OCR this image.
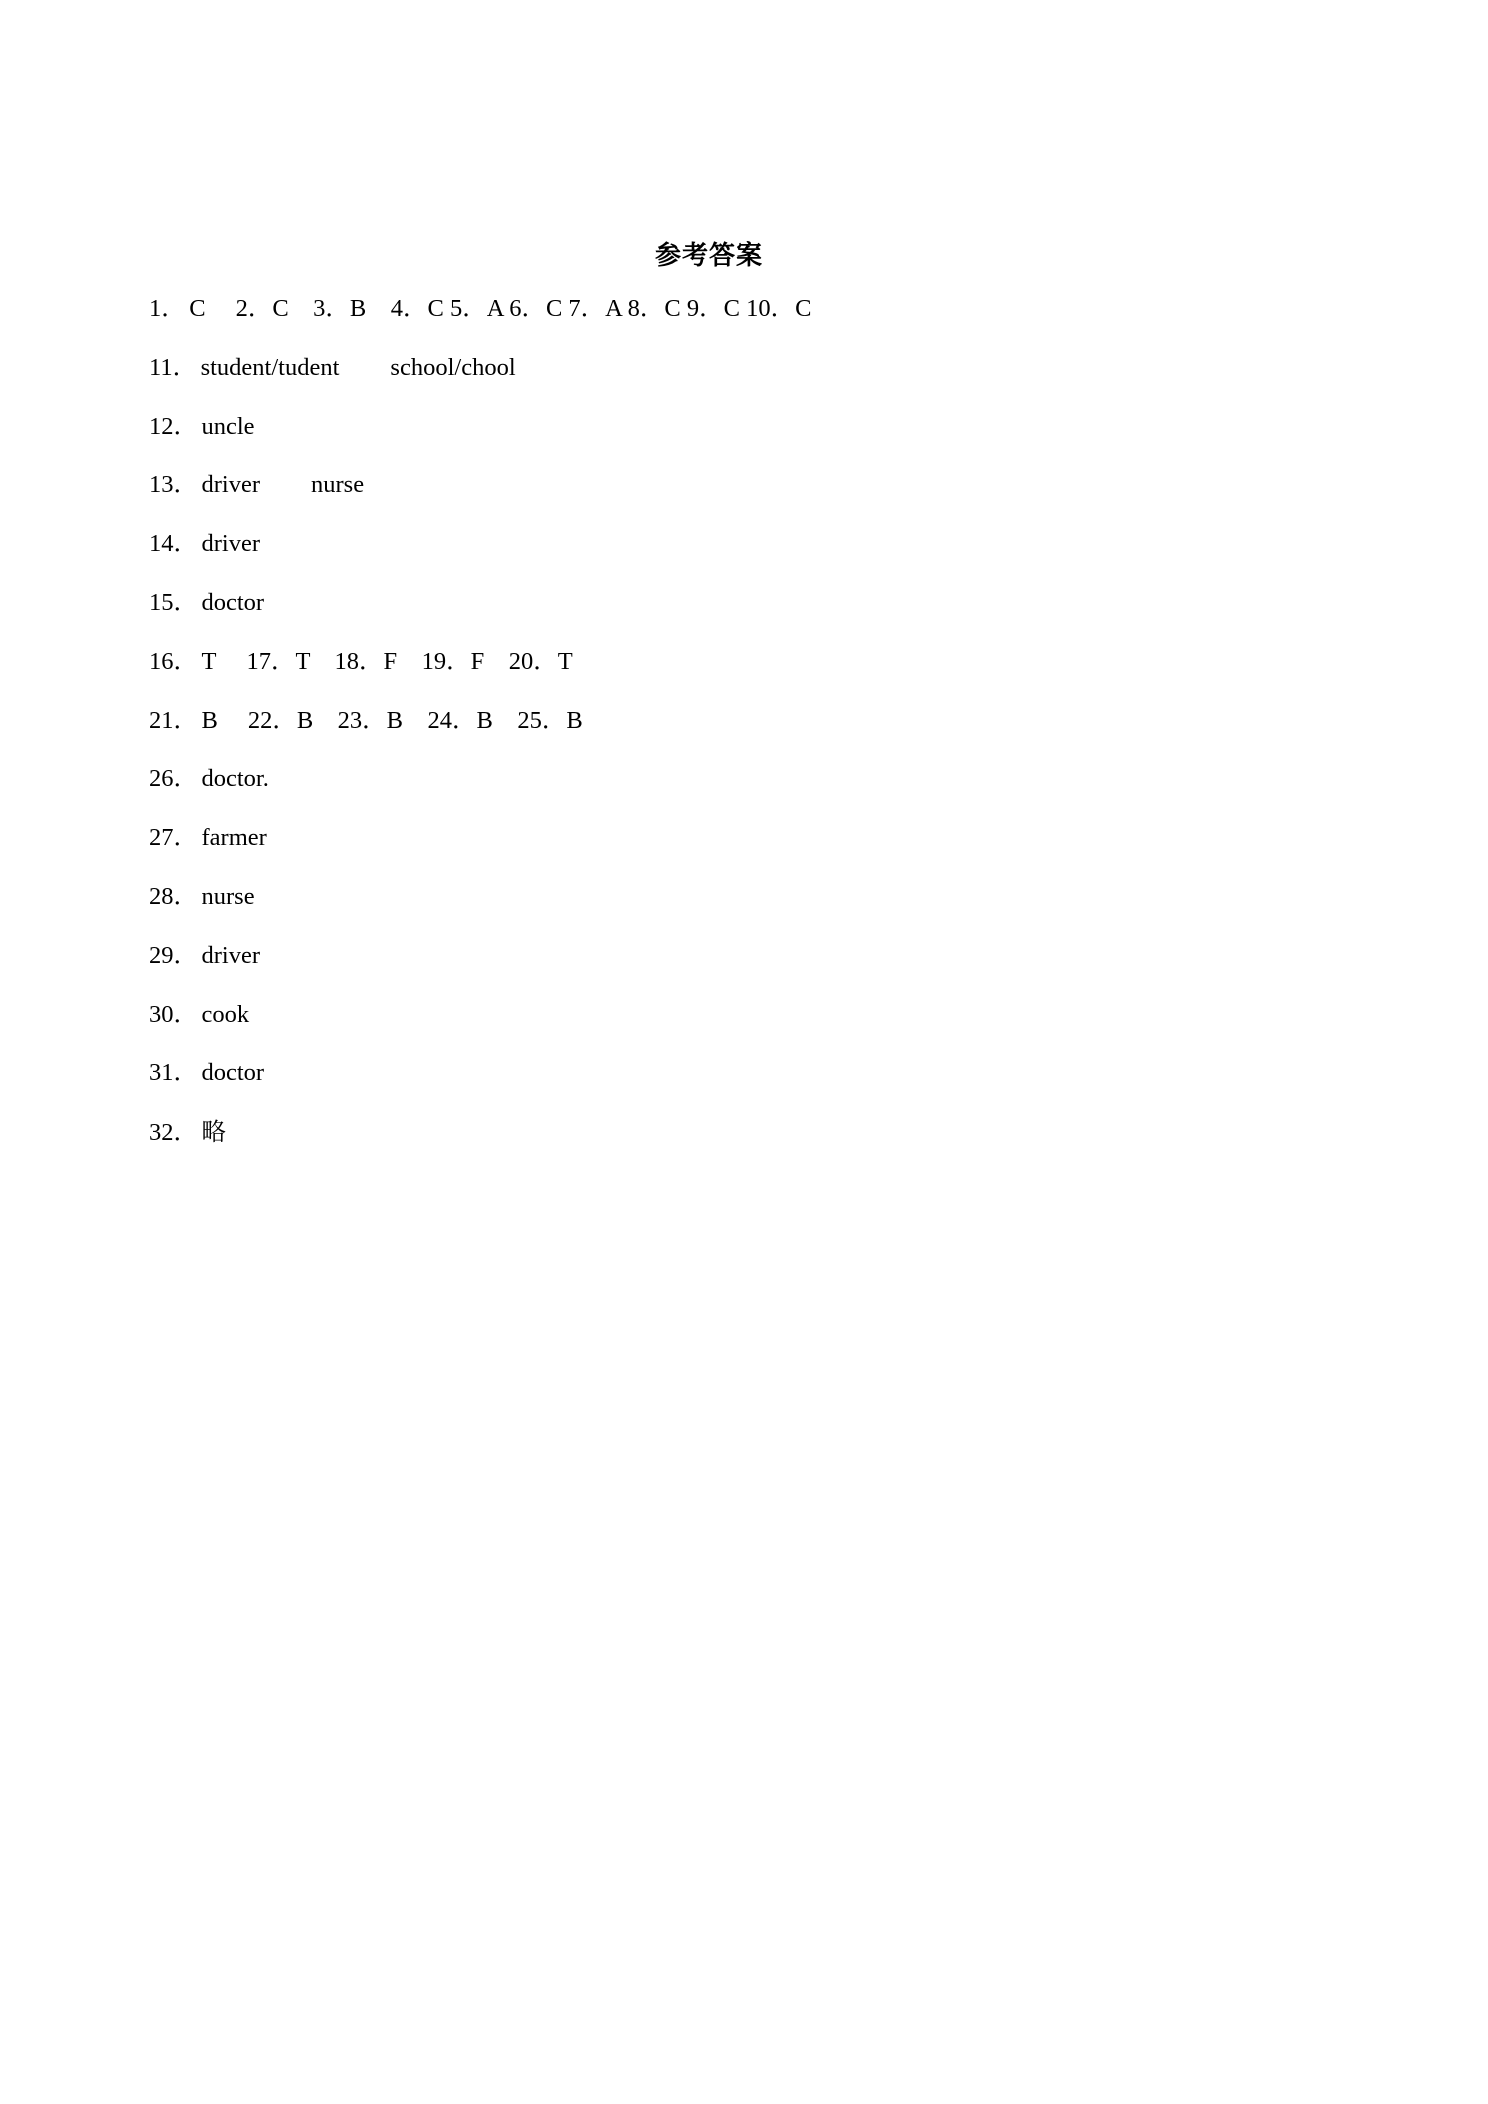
参考答案
1． C 2．C　3．B　4．C 5．A 6．C 7．A 8．C 9．C 10．C
11． student/tudent school/chool
12． uncle
13． driver nurse
14． driver
15． doctor
16． T 17．T　18．F　19．F　20．T
21． B 22．B　23．B　24．B　25．B
26． doctor.
27． farmer
28． nurse
29． driver
30． cook
31． doctor
32． 略
